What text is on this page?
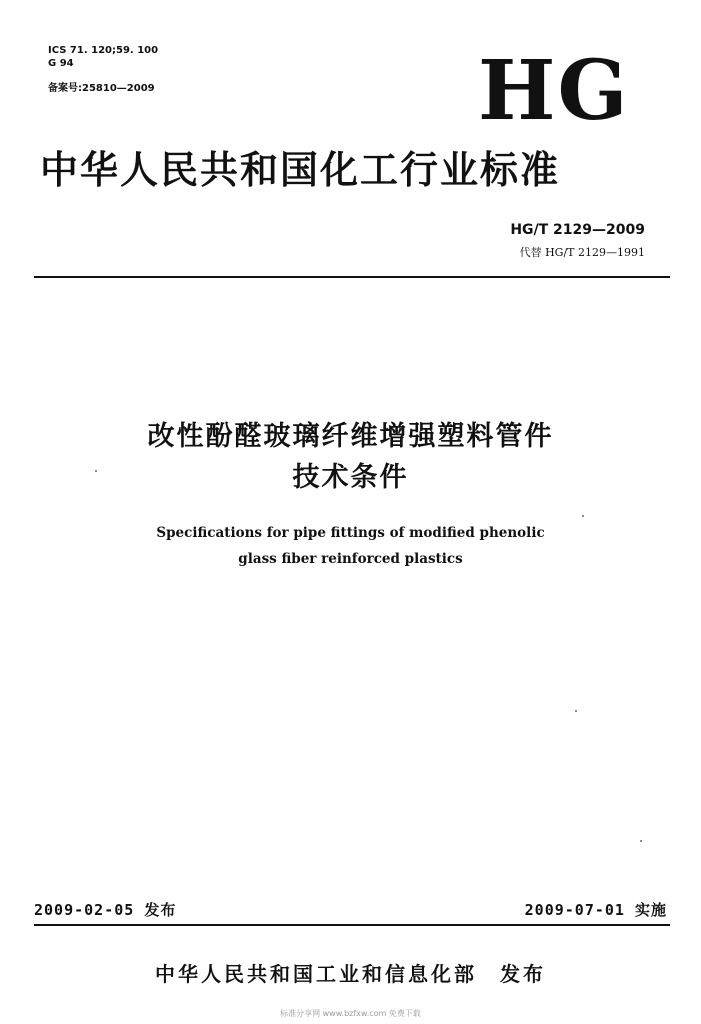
ICS 71. 120;59. 100
G 94
备案号:25810—2009	HG
中华人民共和国化工行业标准
HG/T 2129—2009
代替 HG/T 2129—1991
改性酚醛玻璃纤维增强塑料管件
技术条件
Specifications for pipe fittings of modified phenolic
glass fiber reinforced plastics
2009-02-05 发布	2009-07-01 实施
中华人民共和国工业和信息化部　发布
标准分享网 www.bzfxw.com 免费下载
